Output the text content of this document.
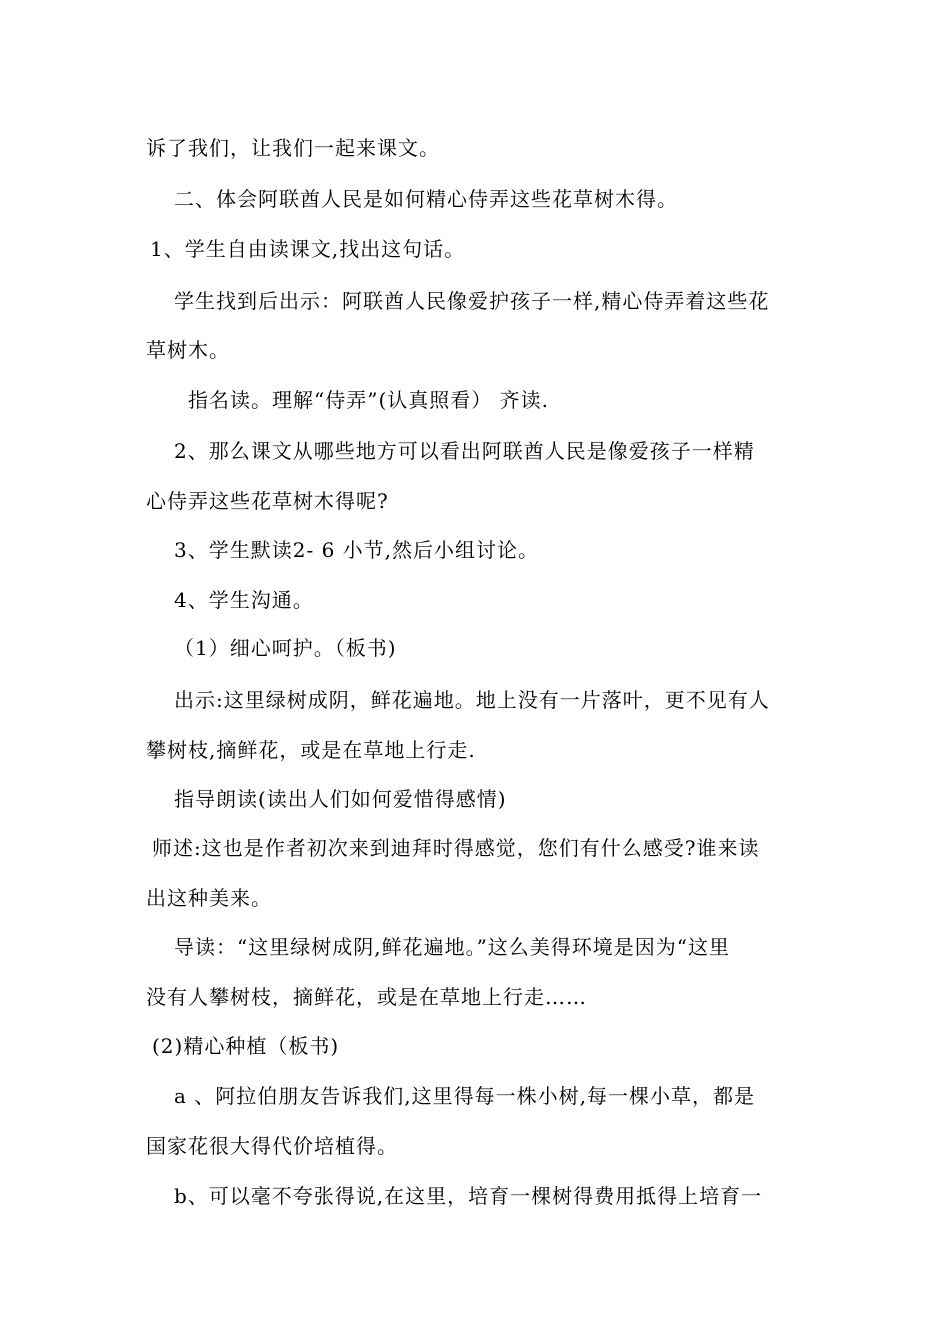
诉了我们，让我们一起来课文。
二、体会阿联酋人民是如何精心侍弄这些花草树木得。
1、学生自由读课文,找出这句话。
学生找到后出示：阿联酋人民像爱护孩子一样,精心侍弄着这些花
草树木。
指名读。理解“侍弄”(认真照看） 齐读.
2、那么课文从哪些地方可以看出阿联酋人民是像爱孩子一样精
心侍弄这些花草树木得呢?
3、学生默读2- 6 小节,然后小组讨论。
4、学生沟通。
（1）细心呵护。（板书)
出示:这里绿树成阴，鲜花遍地。地上没有一片落叶，更不见有人
攀树枝,摘鲜花，或是在草地上行走.
指导朗读(读出人们如何爱惜得感情)
师述:这也是作者初次来到迪拜时得感觉，您们有什么感受?谁来读
出这种美来。
导读：“这里绿树成阴,鲜花遍地。”这么美得环境是因为“这里
没有人攀树枝，摘鲜花，或是在草地上行走……
(2)精心种植（板书)
a 、阿拉伯朋友告诉我们,这里得每一株小树,每一棵小草，都是
国家花很大得代价培植得。
b、可以毫不夸张得说,在这里，培育一棵树得费用抵得上培育一
